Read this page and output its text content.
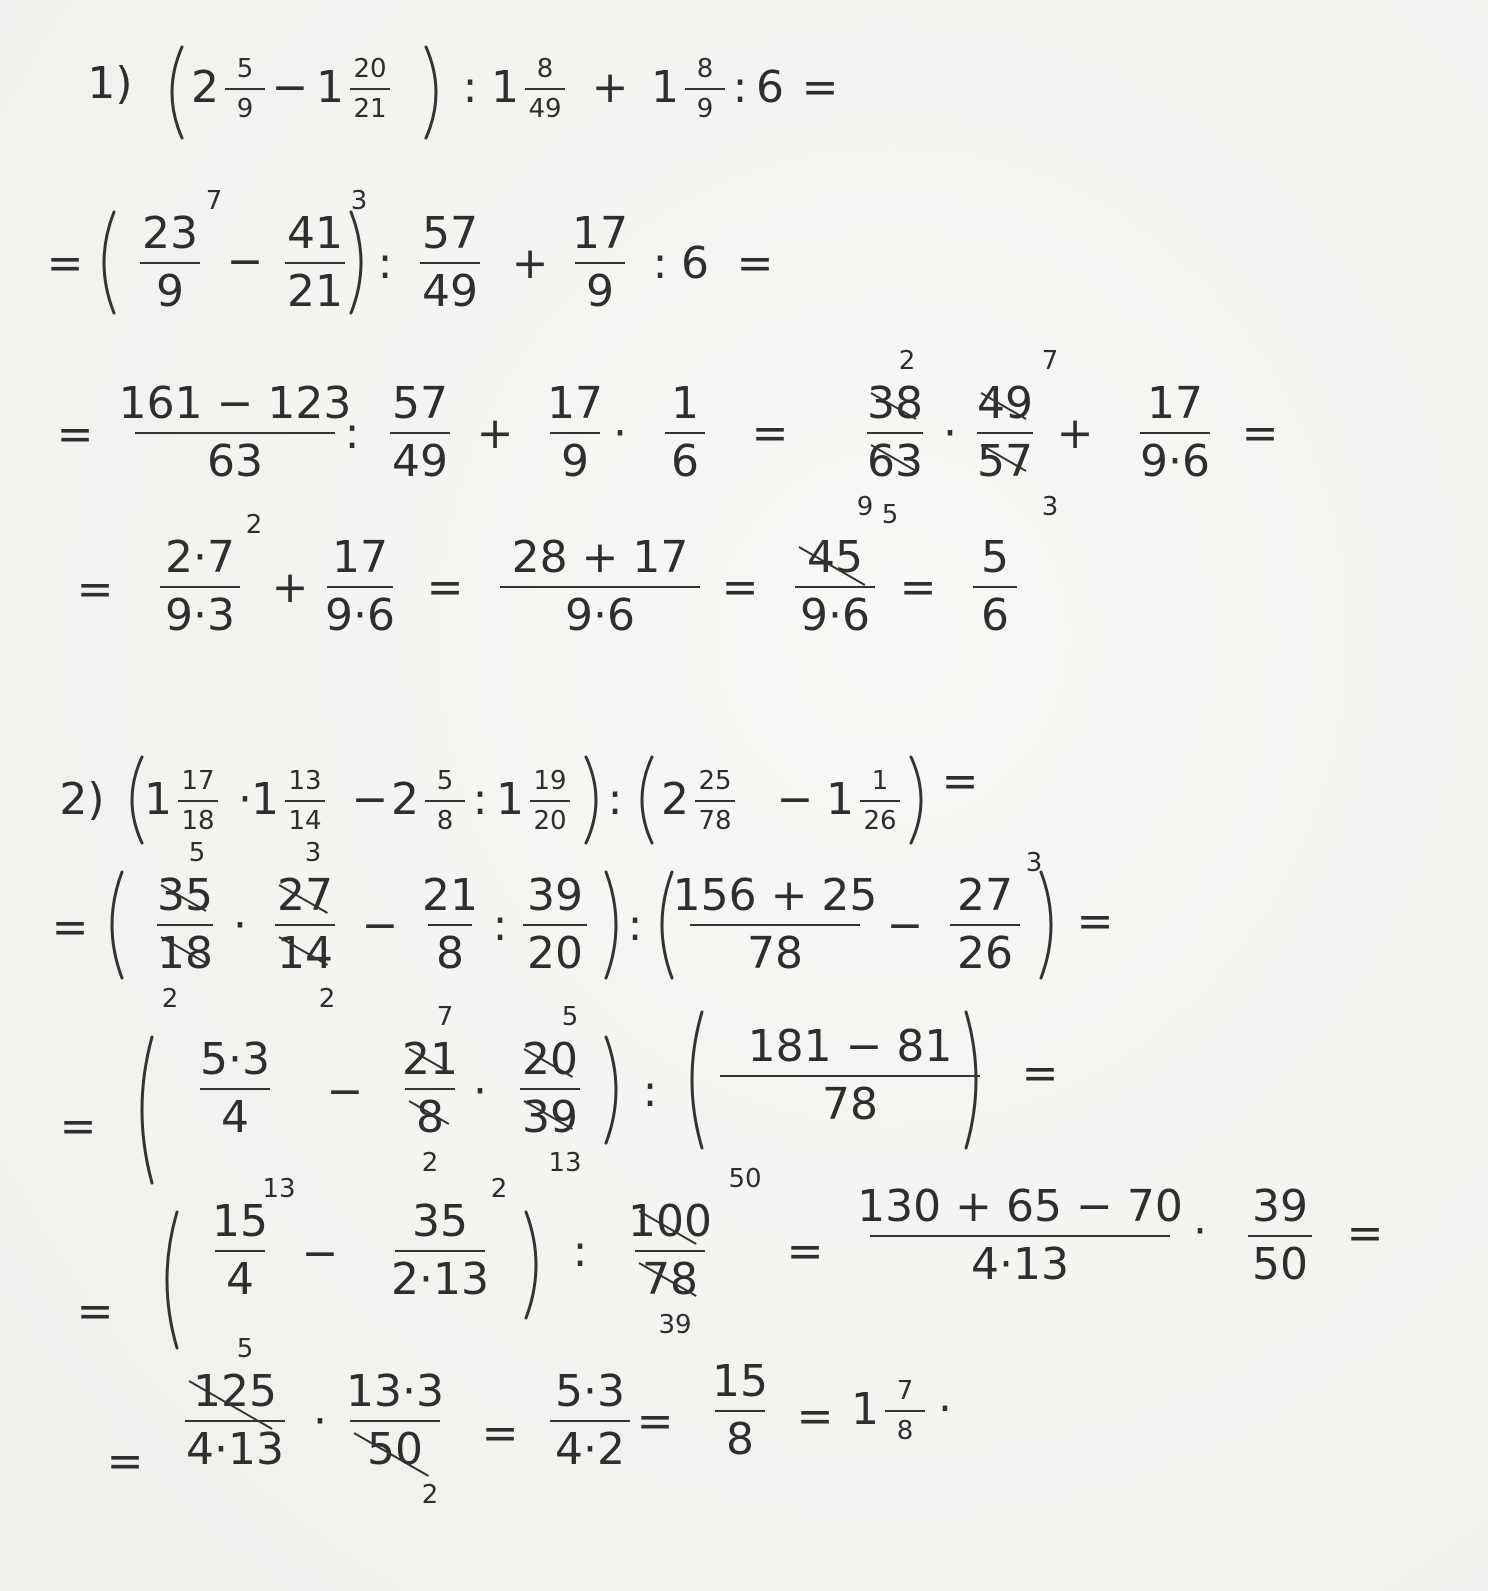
1) 2 5
9 − 1 20
21 : 1 8
49 + 1 8
9 : 6 =
=
23
9
7
−
41
21
3
:
57
49
+
17
9
: 6 =
=
161 − 123
63
:
57
49
+
17
9
·
1
6
=
38
63
2
9
·
49
57
7
3
+
17
9·6
=
=
2·7
9·3
2
+
17
9·6
=
28 + 17
9·6
=
45
9·6
5
=
5
6
2) 1 17
18 · 1 13
14 − 2 5
8 : 1 19
20 : 2 25
78 − 1 1
26
=
=
35
18
5
2
·
27
14
3
2
−
21
8
:
39
20
:
156 + 25
78
−
27
26
3
=
=
5·3
4
−
21
8
7
2
·
20
39
5
13
:
181 − 81
78
=
=
15
4
13
−
35
2·13
2
:
100
78
50
39
=
130 + 65 − 70
4·13
· 39
50
=
=
125
4·13
5
·
13·3
50
2
=
5·3
4·2
=
15
8 = 1 7
8
.
